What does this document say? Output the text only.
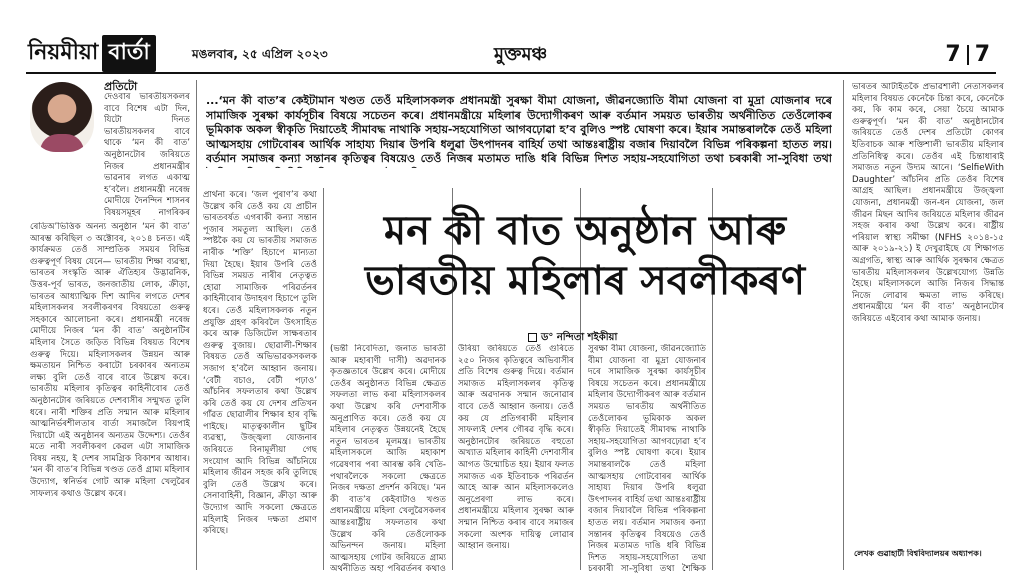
নিয়মীয়া বাৰ্তা	মঙলবাৰ, ২৫ এপ্ৰিল ২০২৩	মুক্তমঞ্চ	7 7
প্ৰতিটো
দেওবাৰ ভাৰতীয়সকলৰ বাবে বিশেষ এটা দিন, যিটো দিনত ভাৰতীয়সকলৰ বাবে থাকে ‘মন কী বাত’ অনুষ্ঠানটোৰ জৰিয়তে নিজৰ প্ৰধানমন্ত্ৰীৰ ভাৱনাৰ লগত একাত্ম হ’বলৈ। প্ৰধানমন্ত্ৰী নৰেন্দ্ৰ মোদীয়ে দৈনন্দিন শাসনৰ বিষয়সমূহৰ নাগৰিকৰ
ৰেডিঅ’ভিত্তিক অনন্য অনুষ্ঠান ‘মন কী বাত’ আৰম্ভ কৰিছিল ৩ অক্টোবৰ, ২০১৪ চনত। এই কাৰ্যক্ৰমত তেওঁ সাম্প্ৰতিক সময়ৰ বিভিন্ন গুৰুত্বপূৰ্ণ বিষয় যেনে— ভাৰতীয় শিক্ষা ব্যৱস্থা, ভাৰতৰ সংস্কৃতি আৰু ঐতিহ্যৰ উদ্ভাৱনিক, উত্তৰ-পূৰ্ব ভাৰত, জনজাতীয় লোক, ক্ৰীড়া, ভাৰতৰ আধ্যাত্মিক দিশ আদিৰ লগতে দেশৰ মহিলাসকলৰ সবলীকৰণৰ বিষয়তো গুৰুত্ব সহকাৰে আলোচনা কৰে। প্ৰধানমন্ত্ৰী নৰেন্দ্ৰ মোদীয়ে নিজৰ ‘মন কী বাত’ অনুষ্ঠানটিৰ মহিলাৰ সৈতে জড়িত বিভিন্ন বিষয়ত বিশেষ গুৰুত্ব দিয়ে। মহিলাসকলৰ উন্নয়ন আৰু ক্ষমতায়ন নিশ্চিত কৰাটো চৰকাৰৰ অন্যতম লক্ষ্য বুলি তেওঁ বাৰে বাৰে উল্লেখ কৰে। ভাৰতীয় মহিলাৰ কৃতিত্বৰ কাহিনীবোৰ তেওঁ অনুষ্ঠানটোৰ জৰিয়তে দেশবাসীৰ সন্মুখত তুলি ধৰে। নাৰী শক্তিৰ প্ৰতি সন্মান আৰু মহিলাৰ আত্মনিৰ্ভৰশীলতাৰ বাৰ্তা সমাজলৈ বিয়পাই দিয়াটো এই অনুষ্ঠানৰ অন্যতম উদ্দেশ্য। তেওঁৰ মতে নাৰী সবলীকৰণ কেৱল এটা সামাজিক বিষয় নহয়, ই দেশৰ সামগ্ৰিক বিকাশৰ আধাৰ। ‘মন কী বাত’ৰ বিভিন্ন খণ্ডত তেওঁ গ্ৰাম্য মহিলাৰ উদ্যোগ, স্বনিৰ্ভৰ গোট আৰু মহিলা খেলুৱৈৰ সাফল্যৰ কথাও উল্লেখ কৰে।
...‘মন কী বাত’ৰ কেইটামান খণ্ডত তেওঁ মহিলাসকলক প্ৰধানমন্ত্ৰী সুৰক্ষা বীমা যোজনা, জীৱনজ্যোতি বীমা যোজনা বা মুদ্ৰা যোজনাৰ দৰে সামাজিক সুৰক্ষা কাৰ্যসূচীৰ বিষয়ে সচেতন কৰে। প্ৰধানমন্ত্ৰীয়ে মহিলাৰ উদ্যোগীকৰণ আৰু বৰ্তমান সময়ত ভাৰতীয় অৰ্থনীতিত তেওঁলোকৰ ভূমিকাক অকল স্বীকৃতি দিয়াতেই সীমাবদ্ধ নাথাকি সহায়-সহযোগিতা আগবঢ়োৱা হ’ব বুলিও স্পষ্ট ঘোষণা কৰে। ইয়াৰ সমান্তৰালকৈ তেওঁ মহিলা আত্মসহায় গোটবোৰৰ আৰ্থিক সাহায্য দিয়াৰ উপৰি ধলুৱা উৎপাদনৰ বাহিৰ্য তথা আন্তঃৰাষ্ট্ৰীয় বজাৰ দিয়াবলৈ বিভিন্ন পৰিকল্পনা হাতত লয়। বৰ্তমান সমাজৰ কন্যা সন্তানৰ কৃতিত্বৰ বিষয়েও তেওঁ নিজৰ মতামত দাঙি ধৰি বিভিন্ন দিশত সহায়-সহযোগিতা তথা চৰকাৰী সা-সুবিধা তথা
প্ৰাৰ্থনা কৰে। ‘জল পুৰাণ’ৰ কথা উল্লেখ কৰি তেওঁ কয় যে প্ৰাচীন ভাৰতবৰ্ষত এগৰাকী কন্যা সন্তান পূজাৰ সমতুল্য আছিল। তেওঁ স্পষ্টকৈ কয় যে ভাৰতীয় সমাজত নাৰীক ‘শক্তি’ হিচাপে মান্যতা দিয়া হৈছে। ইয়াৰ উপৰি তেওঁ বিভিন্ন সময়ত নাৰীৰ নেতৃত্বত হোৱা সামাজিক পৰিৱৰ্তনৰ কাহিনীবোৰ উদাহৰণ হিচাপে তুলি ধৰে। তেওঁ মহিলাসকলক নতুন প্ৰযুক্তি গ্ৰহণ কৰিবলৈ উৎসাহিত কৰে আৰু ডিজিটেল সাক্ষৰতাৰ গুৰুত্ব বুজায়। ছোৱালী-শিক্ষাৰ বিষয়ত তেওঁ অভিভাৱকসকলক সজাগ হ’বলৈ আহ্বান জনায়। ‘বেটী বচাও, বেটী পঢ়াও’ আঁচনিৰ সফলতাৰ কথা উল্লেখ কৰি তেওঁ কয় যে দেশৰ প্ৰতিখন গাঁৱত ছোৱালীৰ শিক্ষাৰ হাৰ বৃদ্ধি পাইছে। মাতৃত্বকালীন ছুটিৰ ব্যৱস্থা, উজ্জ্বলা যোজনাৰ জৰিয়তে বিনামূলীয়া গেছ সংযোগ আদি বিভিন্ন আঁচনিয়ে মহিলাৰ জীৱন সহজ কৰি তুলিছে বুলি তেওঁ উল্লেখ কৰে। সেনাবাহিনী, বিজ্ঞান, ক্ৰীড়া আৰু উদ্যোগ আদি সকলো ক্ষেত্ৰতে মহিলাই নিজৰ দক্ষতা প্ৰমাণ কৰিছে।
মন কী বাত অনুষ্ঠান আৰু
ভাৰতীয় মহিলাৰ সবলীকৰণ
(ভন্তী নিবেদিতা, জনাত ভাৰতী আৰু মহাৰাণী দাসী) অৱদানক কৃতজ্ঞতাৰে উল্লেখ কৰে। মোদীয়ে তেওঁৰ অনুষ্ঠানত বিভিন্ন ক্ষেত্ৰত সফলতা লাভ কৰা মহিলাসকলৰ কথা উল্লেখ কৰি দেশবাসীক অনুপ্ৰাণিত কৰে। তেওঁ কয় যে মহিলাৰ নেতৃত্বত উন্নয়নেই হৈছে নতুন ভাৰতৰ মূলমন্ত্ৰ। ভাৰতীয় মহিলাসকলে আজি মহাকাশ গৱেষণাৰ পৰা আৰম্ভ কৰি খেতি-পথাৰলৈকে সকলো ক্ষেত্ৰতে নিজৰ দক্ষতা প্ৰদৰ্শন কৰিছে। ‘মন কী বাত’ৰ কেইবাটাও খণ্ডত প্ৰধানমন্ত্ৰীয়ে মহিলা খেলুৱৈসকলৰ আন্তঃৰাষ্ট্ৰীয় সফলতাৰ কথা উল্লেখ কৰি তেওঁলোকক অভিনন্দন জনায়। মহিলা আত্মসহায় গোটৰ জৰিয়তে গ্ৰাম্য অৰ্থনীতিত অহা পৰিৱৰ্তনৰ কথাও
ড° নন্দিতা শইকীয়া
উৰিয়া জৰিয়তে তেওঁ গুৰিতে ২৫০ নিজৰ কৃতিত্বৰে অভিবাসীৰ প্ৰতি বিশেষ গুৰুত্ব দিয়ে। বৰ্তমান সমাজত মহিলাসকলৰ কৃতিত্ব আৰু অৱদানক সন্মান জনোৱাৰ বাবে তেওঁ আহ্বান জনায়। তেওঁ কয় যে প্ৰতিগৰাকী মহিলাৰ সাফল্যই দেশৰ গৌৰৱ বৃদ্ধি কৰে। অনুষ্ঠানটোৰ জৰিয়তে বহুতো অখ্যাত মহিলাৰ কাহিনী দেশবাসীৰ আগত উন্মোচিত হয়। ইয়াৰ ফলত সমাজত এক ইতিবাচক পৰিৱৰ্তন আহে আৰু আন মহিলাসকলেও অনুপ্ৰেৰণা লাভ কৰে। প্ৰধানমন্ত্ৰীয়ে মহিলাৰ সুৰক্ষা আৰু সন্মান নিশ্চিত কৰাৰ বাবে সমাজৰ সকলো অংশক দায়িত্ব লোৱাৰ আহ্বান জনায়।
সুৰক্ষা বীমা যোজনা, জীৱনজ্যোতি বীমা যোজনা বা মুদ্ৰা যোজনাৰ দৰে সামাজিক সুৰক্ষা কাৰ্যসূচীৰ বিষয়ে সচেতন কৰে। প্ৰধানমন্ত্ৰীয়ে মহিলাৰ উদ্যোগীকৰণ আৰু বৰ্তমান সময়ত ভাৰতীয় অৰ্থনীতিত তেওঁলোকৰ ভূমিকাক অকল স্বীকৃতি দিয়াতেই সীমাবদ্ধ নাথাকি সহায়-সহযোগিতা আগবঢ়োৱা হ’ব বুলিও স্পষ্ট ঘোষণা কৰে। ইয়াৰ সমান্তৰালকৈ তেওঁ মহিলা আত্মসহায় গোটবোৰৰ আৰ্থিক সাহায্য দিয়াৰ উপৰি ধলুৱা উৎপাদনৰ বাহিৰ্য তথা আন্তঃৰাষ্ট্ৰীয় বজাৰ দিয়াবলৈ বিভিন্ন পৰিকল্পনা হাতত লয়। বৰ্তমান সমাজৰ কন্যা সন্তানৰ কৃতিত্বৰ বিষয়েও তেওঁ নিজৰ মতামত দাঙি ধৰি বিভিন্ন দিশত সহায়-সহযোগিতা তথা চৰকাৰী সা-সুবিধা তথা শৈক্ষিক
ভাৰতৰ আটাইতকৈ প্ৰভাৱশালী নেতাসকলৰ মহিলাৰ বিষয়ত কেনেকৈ চিন্তা কৰে, কেনেকৈ কয়, কি কাম কৰে, সেয়া চৈয়ে আমাক গুৰুত্বপূৰ্ণ। ‘মন কী বাত’ অনুষ্ঠানটোৰ জৰিয়তে তেওঁ দেশৰ প্ৰতিটো কোণৰ ইতিবাচক আৰু শক্তিশালী ভাৰতীয় মহিলাৰ প্ৰতিনিধিত্ব কৰে। তেওঁৰ এই চিন্তাধাৰাই সমাজত নতুন উদ্যম আনে। ‘SelfieWith Daughter’ আঁচনিৰ প্ৰতি তেওঁৰ বিশেষ আগ্ৰহ আছিল। প্ৰধানমন্ত্ৰীয়ে উজ্জ্বলা যোজনা, প্ৰধানমন্ত্ৰী জন-ধন যোজনা, জল জীৱন মিছন আদিৰ জৰিয়তে মহিলাৰ জীৱন সহজ কৰাৰ কথা উল্লেখ কৰে। ৰাষ্ট্ৰীয় পৰিয়াল স্বাস্থ্য সমীক্ষা (NFHS ২০১৪-১৫ আৰু ২০১৯-২১) ই দেখুৱাইছে যে শিক্ষাগত অগ্ৰগতি, স্বাস্থ্য আৰু আৰ্থিক সুৰক্ষাৰ ক্ষেত্ৰত ভাৰতীয় মহিলাসকলৰ উল্লেখযোগ্য উন্নতি হৈছে। মহিলাসকলে আজি নিজৰ সিদ্ধান্ত নিজে লোৱাৰ ক্ষমতা লাভ কৰিছে। প্ৰধানমন্ত্ৰীয়ে ‘মন কী বাত’ অনুষ্ঠানটোৰ জৰিয়তে এইবোৰ কথা আমাক জনায়।
লেখক গুৱাহাটী বিশ্ববিদ্যালয়ৰ অধ্যাপক।
